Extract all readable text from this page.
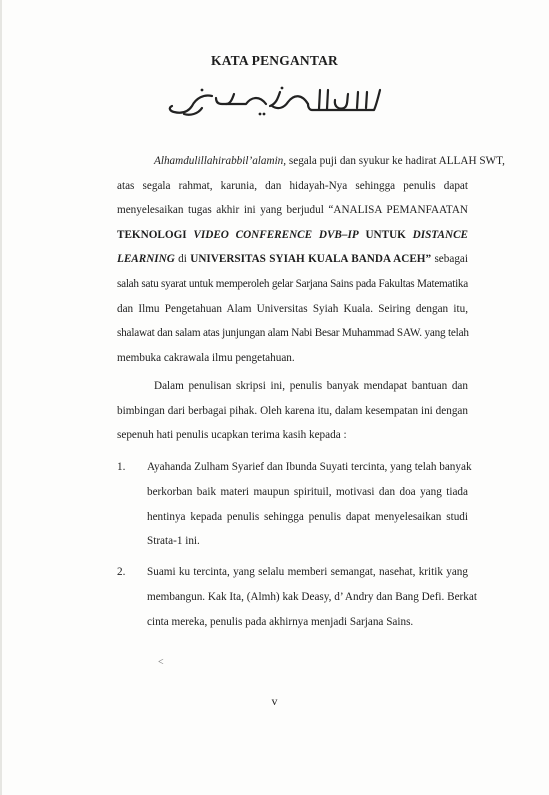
KATA PENGANTAR
Alhamdulillahirabbil’alamin, segala puji dan syukur ke hadirat ALLAH SWT,
atas segala rahmat, karunia, dan hidayah-Nya sehingga penulis dapat
menyelesaikan tugas akhir ini yang berjudul “ANALISA PEMANFAATAN
TEKNOLOGI VIDEO CONFERENCE DVB–IP UNTUK DISTANCE
LEARNING di UNIVERSITAS SYIAH KUALA BANDA ACEH” sebagai
salah satu syarat untuk memperoleh gelar Sarjana Sains pada Fakultas Matematika
dan Ilmu Pengetahuan Alam Universitas Syiah Kuala. Seiring dengan itu,
shalawat dan salam atas junjungan alam Nabi Besar Muhammad SAW. yang telah
membuka cakrawala ilmu pengetahuan.
Dalam penulisan skripsi ini, penulis banyak mendapat bantuan dan
bimbingan dari berbagai pihak. Oleh karena itu, dalam kesempatan ini dengan
sepenuh hati penulis ucapkan terima kasih kepada :
1. Ayahanda Zulham Syarief dan Ibunda Suyati tercinta, yang telah banyak
berkorban baik materi maupun spirituil, motivasi dan doa yang tiada
hentinya kepada penulis sehingga penulis dapat menyelesaikan studi
Strata-1 ini.
2. Suami ku tercinta, yang selalu memberi semangat, nasehat, kritik yang
membangun. Kak Ita, (Almh) kak Deasy, d’ Andry dan Bang Defi. Berkat
cinta mereka, penulis pada akhirnya menjadi Sarjana Sains.
˂
v
